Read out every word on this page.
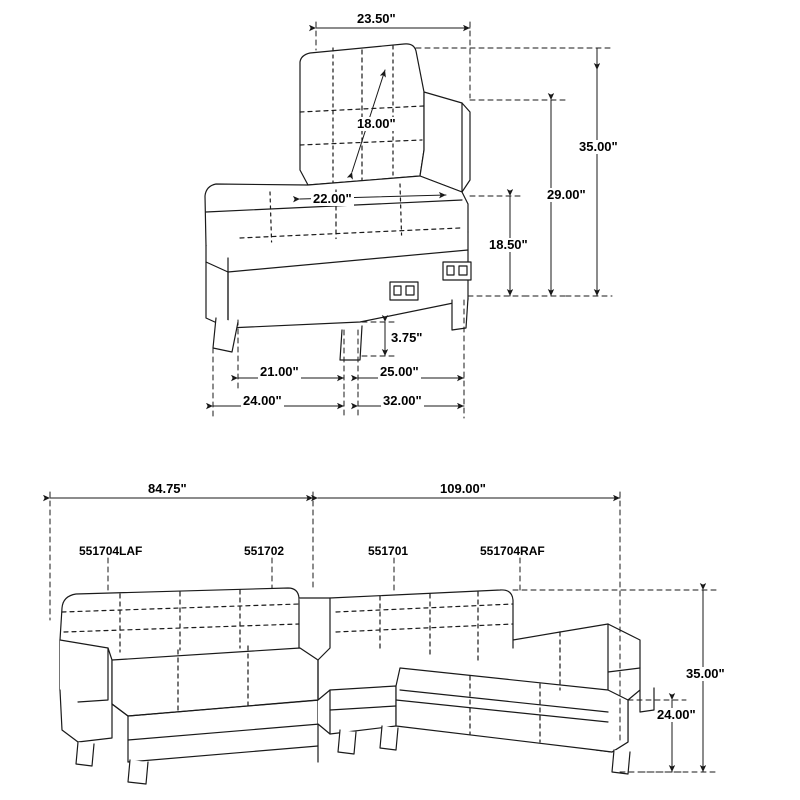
23.50"
18.00"
22.00"
18.50"
29.00"
35.00"
3.75"
21.00"	25.00"
24.00"	32.00"
84.75"	109.00"
35.00"
24.00"
551704LAF	551702	551701	551704RAF
